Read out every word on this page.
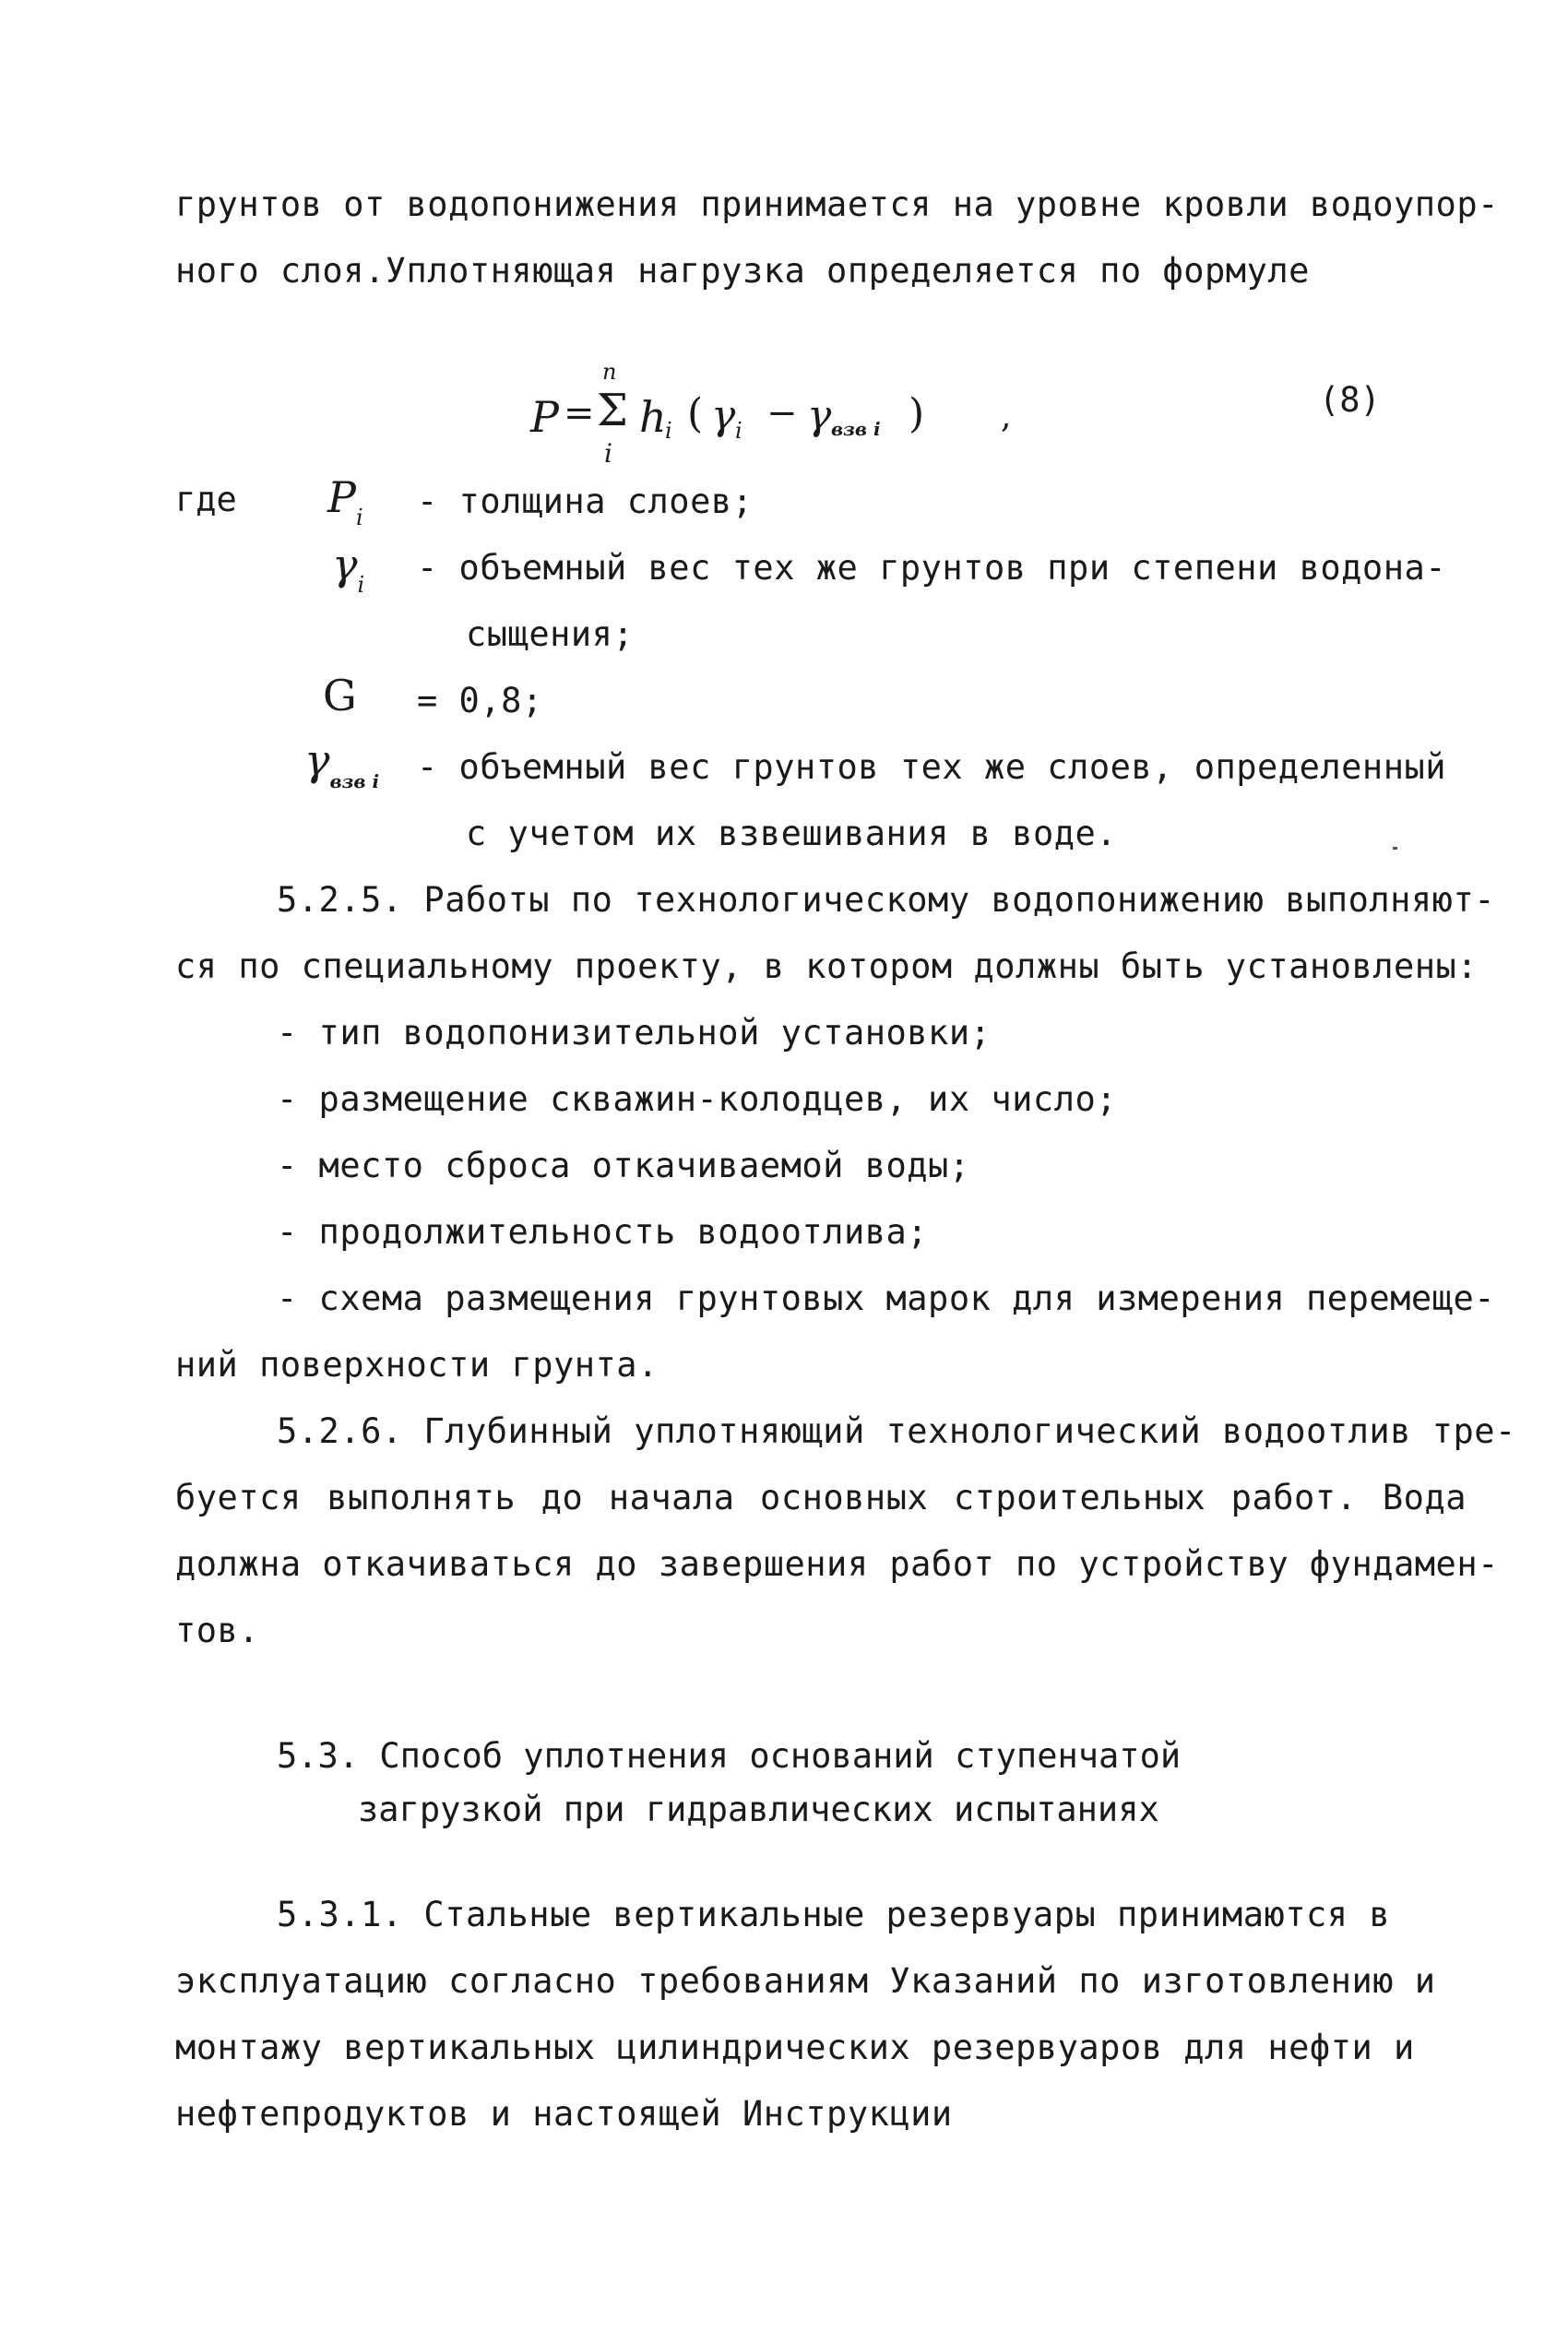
грунтов от водопонижения принимается на уровне кровли водоупор-
ного слоя.Уплотняющая нагрузка определяется по формуле
P =
n
Σ
i
h
i ( γ i − γ взв i ) ,	(8)
где $P_i$ - толщина слоев;
$\gamma_i$ - объемный вес тех же грунтов при степени водона-
сыщения;
G = 0,8;
$\gamma_{взв i}$ - объемный вес грунтов тех же слоев, определенный
с учетом их взвешивания в воде.
5.2.5. Работы по технологическому водопонижению выполняют-
ся по специальному проекту, в котором должны быть установлены:
- тип водопонизительной установки;
- размещение скважин-колодцев, их число;
- место сброса откачиваемой воды;
- продолжительность водоотлива;
- схема размещения грунтовых марок для измерения перемеще-
ний поверхности грунта.
5.2.6. Глубинный уплотняющий технологический водоотлив тре-
буется выполнять до начала основных строительных работ. Вода
должна откачиваться до завершения работ по устройству фундамен-
тов.
5.3. Способ уплотнения оснований ступенчатой
загрузкой при гидравлических испытаниях
5.3.1. Стальные вертикальные резервуары принимаются в
эксплуатацию согласно требованиям Указаний по изготовлению и
монтажу вертикальных цилиндрических резервуаров для нефти и
нефтепродуктов и настоящей Инструкции
